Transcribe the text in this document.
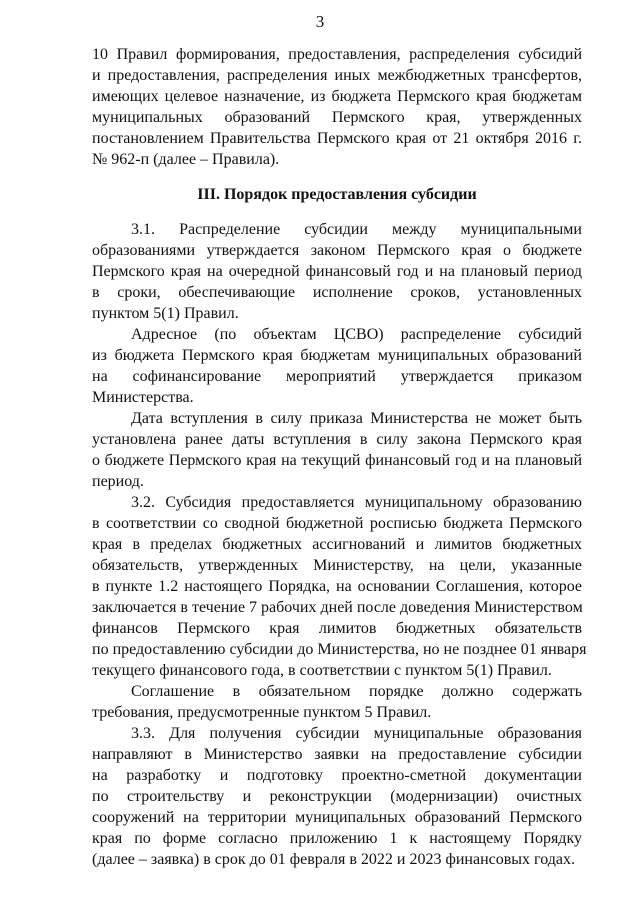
3
10 Правил формирования, предоставления, распределения субсидий
и предоставления, распределения иных межбюджетных трансфертов,
имеющих целевое назначение, из бюджета Пермского края бюджетам
муниципальных образований Пермского края, утвержденных
постановлением Правительства Пермского края от 21 октября 2016 г.
№ 962-п (далее – Правила).
III. Порядок предоставления субсидии
3.1. Распределение субсидии между муниципальными
образованиями утверждается законом Пермского края о бюджете
Пермского края на очередной финансовый год и на плановый период
в сроки, обеспечивающие исполнение сроков, установленных
пунктом 5(1) Правил.
Адресное (по объектам ЦСВО) распределение субсидий
из бюджета Пермского края бюджетам муниципальных образований
на софинансирование мероприятий утверждается приказом
Министерства.
Дата вступления в силу приказа Министерства не может быть
установлена ранее даты вступления в силу закона Пермского края
о бюджете Пермского края на текущий финансовый год и на плановый
период.
3.2. Субсидия предоставляется муниципальному образованию
в соответствии со сводной бюджетной росписью бюджета Пермского
края в пределах бюджетных ассигнований и лимитов бюджетных
обязательств, утвержденных Министерству, на цели, указанные
в пункте 1.2 настоящего Порядка, на основании Соглашения, которое
заключается в течение 7 рабочих дней после доведения Министерством
финансов Пермского края лимитов бюджетных обязательств
по предоставлению субсидии до Министерства, но не позднее 01 января
текущего финансового года, в соответствии с пунктом 5(1) Правил.
Соглашение в обязательном порядке должно содержать
требования, предусмотренные пунктом 5 Правил.
3.3. Для получения субсидии муниципальные образования
направляют в Министерство заявки на предоставление субсидии
на разработку и подготовку проектно-сметной документации
по строительству и реконструкции (модернизации) очистных
сооружений на территории муниципальных образований Пермского
края по форме согласно приложению 1 к настоящему Порядку
(далее – заявка) в срок до 01 февраля в 2022 и 2023 финансовых годах.
